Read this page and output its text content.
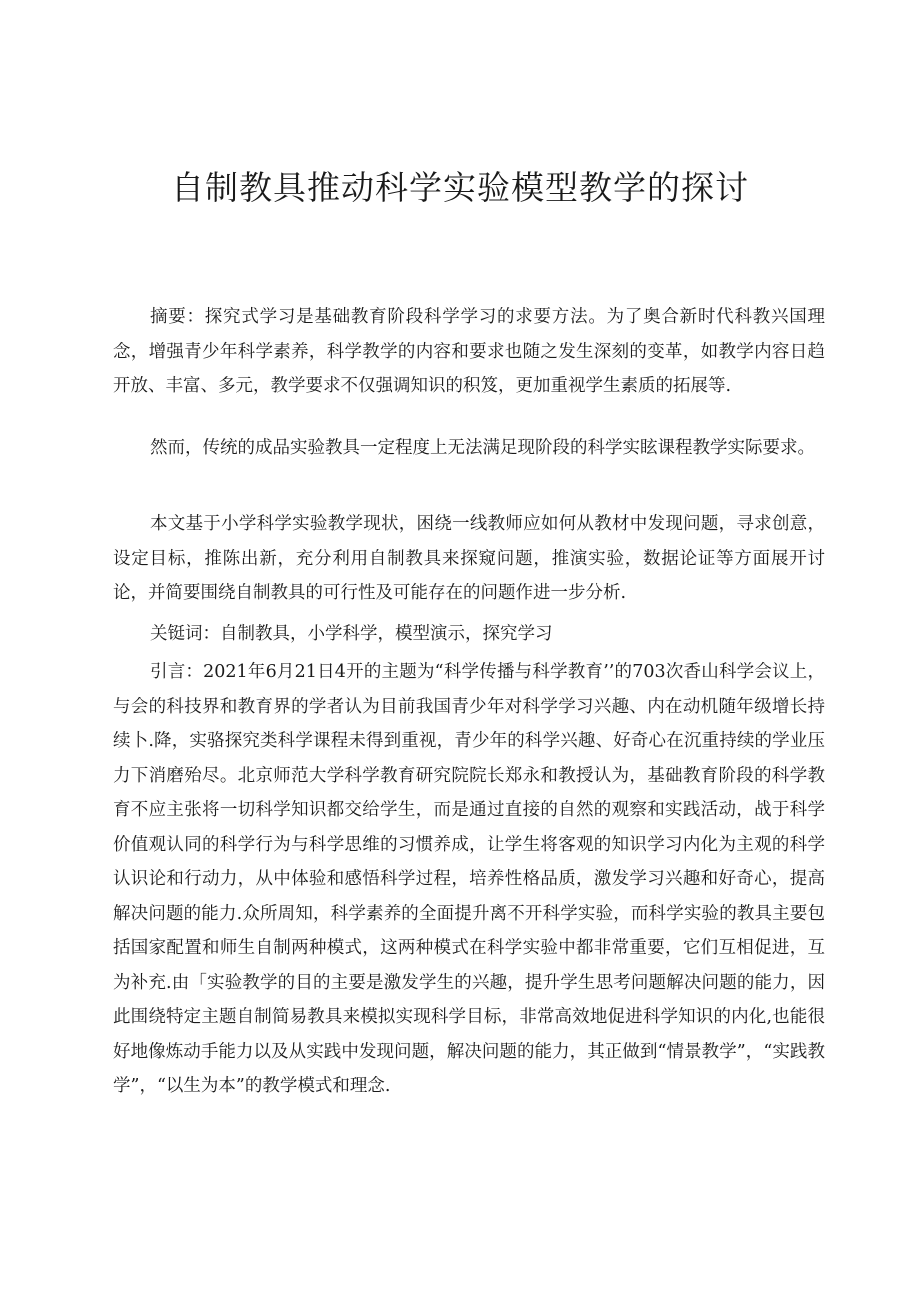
自制教具推动科学实验模型教学的探讨

摘要：探究式学习是基础教育阶段科学学习的求要方法。为了奥合新时代科教兴国理念，增强青少年科学素养，科学教学的内容和要求也随之发生深刻的变革，如教学内容日趋开放、丰富、多元，教学要求不仅强调知识的积笈，更加重视学生素质的拓展等.

然而，传统的成品实验教具一定程度上无法满足现阶段的科学实眩课程教学实际要求。

本文基于小学科学实验教学现状，困绕一线教师应如何从教材中发现问题，寻求创意，设定目标，推陈出新，充分利用自制教具来探窥问题，推演实验，数据论证等方面展开讨论，并简要围绕自制教具的可行性及可能存在的问题作进一步分析.

关铤词：自制教具，小学科学，模型演示，探究学习

引言：2021年6月21日4开的主题为“科学传播与科学教育’’的703次香山科学会议上，与会的科技界和教育界的学者认为目前我国青少年对科学学习兴趣、内在动机随年级增长持续卜.降，实骆探究类科学课程未得到重视，青少年的科学兴趣、好奇心在沉重持续的学业压力下消磨殆尽。北京师范大学科学教育研究院院长郑永和教授认为，基础教育阶段的科学教育不应主张将一切科学知识都交给学生，而是通过直接的自然的观察和实践活动，战于科学价值观认同的科学行为与科学思维的习惯养成，让学生将客观的知识学习内化为主观的科学认识论和行动力，从中体验和感悟科学过程，培养性格品质，激发学习兴趣和好奇心，提高解决问题的能力.众所周知，科学素养的全面提升离不开科学实验，而科学实验的教具主要包括国家配置和师生自制两种模式，这两种模式在科学实验中都非常重要，它们互相促进，互为补充.由「实验教学的目的主要是激发学生的兴趣，提升学生思考问题解决问题的能力，因此围绕特定主题自制简易教具来模拟实现科学目标，非常高效地促进科学知识的内化,也能很好地像炼动手能力以及从实践中发现问题，解决问题的能力，其正做到“情景教学”，“实践教学”，“以生为本”的教学模式和理念.
